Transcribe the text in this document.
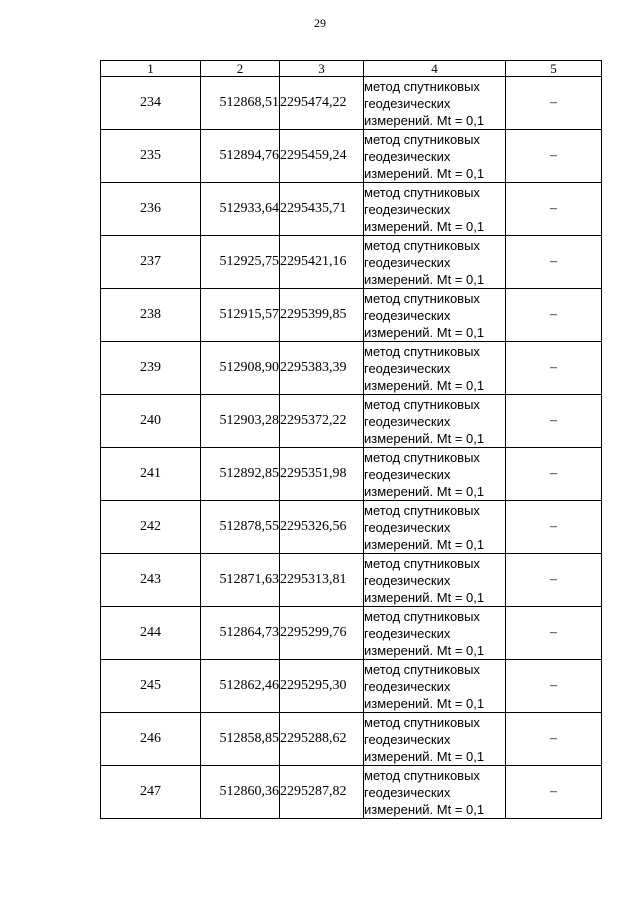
29
1	2	3	4	5
234	512868,51	2295474,22	метод спутниковых
геодезических
измерений. Mt = 0,1	–
235	512894,76	2295459,24	метод спутниковых
геодезических
измерений. Mt = 0,1	–
236	512933,64	2295435,71	метод спутниковых
геодезических
измерений. Mt = 0,1	–
237	512925,75	2295421,16	метод спутниковых
геодезических
измерений. Mt = 0,1	–
238	512915,57	2295399,85	метод спутниковых
геодезических
измерений. Mt = 0,1	–
239	512908,90	2295383,39	метод спутниковых
геодезических
измерений. Mt = 0,1	–
240	512903,28	2295372,22	метод спутниковых
геодезических
измерений. Mt = 0,1	–
241	512892,85	2295351,98	метод спутниковых
геодезических
измерений. Mt = 0,1	–
242	512878,55	2295326,56	метод спутниковых
геодезических
измерений. Mt = 0,1	–
243	512871,63	2295313,81	метод спутниковых
геодезических
измерений. Mt = 0,1	–
244	512864,73	2295299,76	метод спутниковых
геодезических
измерений. Mt = 0,1	–
245	512862,46	2295295,30	метод спутниковых
геодезических
измерений. Mt = 0,1	–
246	512858,85	2295288,62	метод спутниковых
геодезических
измерений. Mt = 0,1	–
247	512860,36	2295287,82	метод спутниковых
геодезических
измерений. Mt = 0,1	–
